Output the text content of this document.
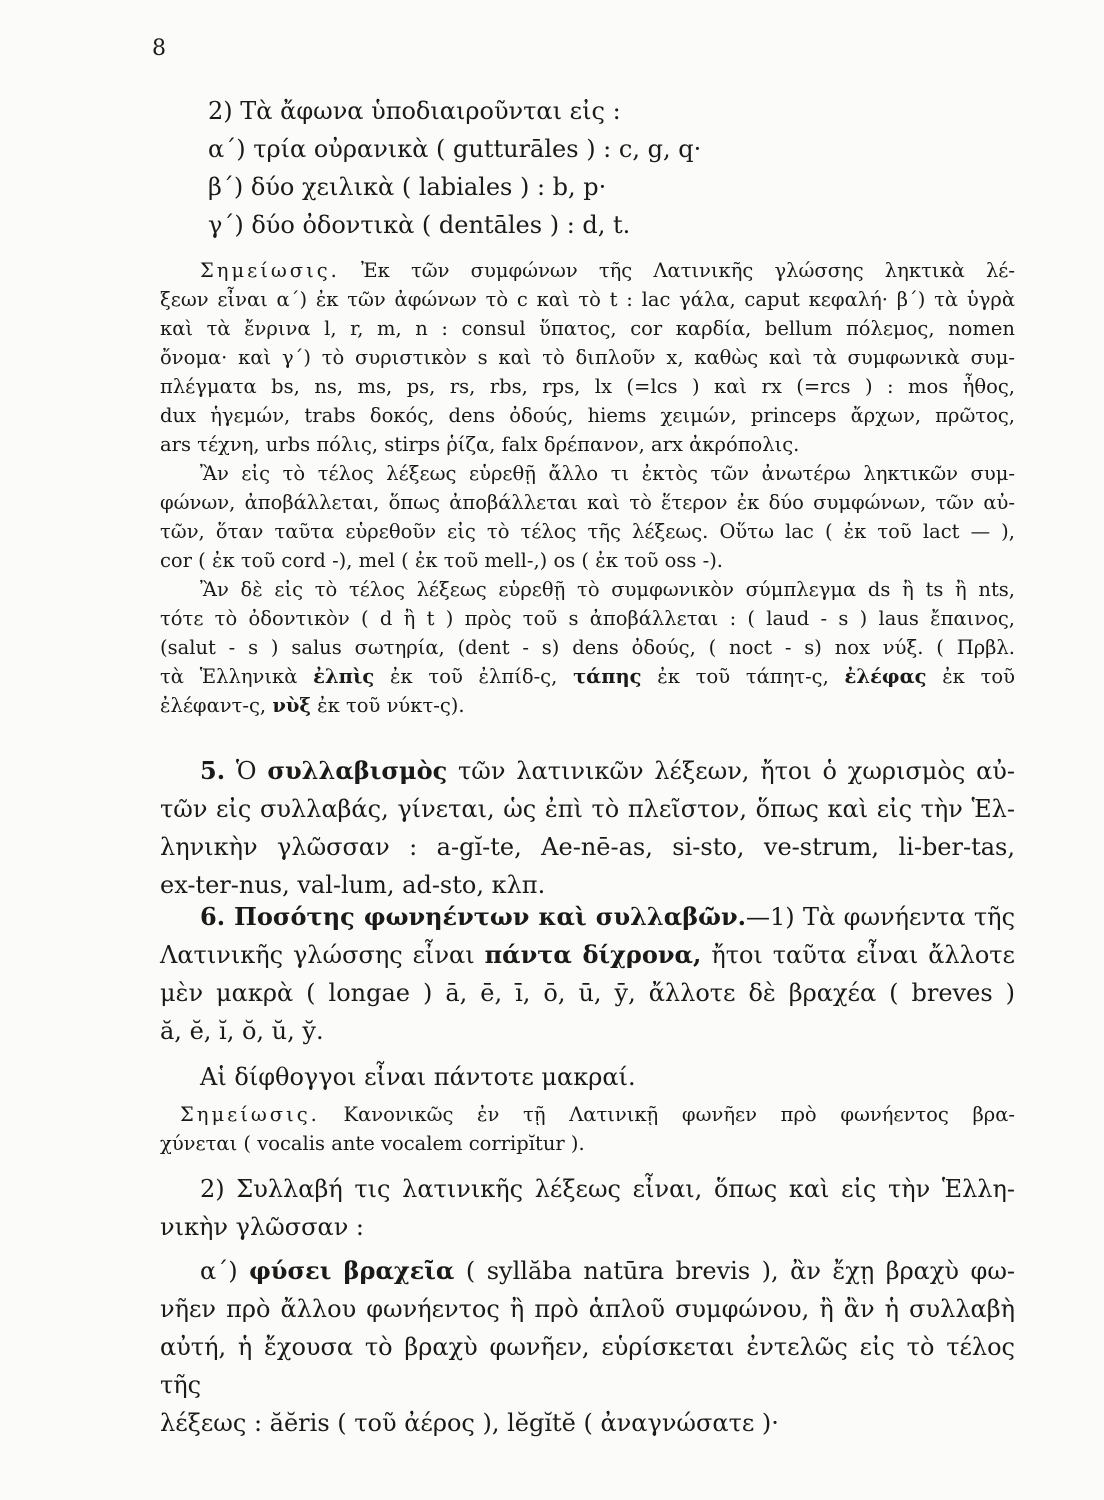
8
2) Τὰ ἄφωνα ὑποδιαιροῦνται εἰς :
α΄) τρία οὐρανικὰ ( gutturāles ) : c, g, q·
β΄) δύο χειλικὰ ( labiales ) : b, p·
γ΄) δύο ὀδοντικὰ ( dentāles ) : d, t.
Σημείωσις. Ἐκ τῶν συμφώνων τῆς Λατινικῆς γλώσσης ληκτικὰ λέ-
ξεων εἶναι α΄) ἐκ τῶν ἀφώνων τὸ c καὶ τὸ t : lac γάλα, caput κεφαλή· β΄) τὰ ὑγρὰ
καὶ τὰ ἔνρινα l, r, m, n : consul ὕπατος, cor καρδία, bellum πόλεμος, nomen
ὄνομα· καὶ γ΄) τὸ συριστικὸν s καὶ τὸ διπλοῦν x, καθὼς καὶ τὰ συμφωνικὰ συμ-
πλέγματα bs, ns, ms, ps, rs, rbs, rps, lx (=lcs ) καὶ rx (=rcs ) : mos ἦθος,
dux ἡγεμών, trabs δοκός, dens ὀδούς, hiems χειμών, princeps ἄρχων, πρῶτος,
ars τέχνη, urbs πόλις, stirps ῥίζα, falx δρέπανον, arx ἀκρόπολις.
Ἂν εἰς τὸ τέλος λέξεως εὑρεθῇ ἄλλο τι ἐκτὸς τῶν ἀνωτέρω ληκτικῶν συμ-
φώνων, ἀποβάλλεται, ὅπως ἀποβάλλεται καὶ τὸ ἕτερον ἐκ δύο συμφώνων, τῶν αὐ-
τῶν, ὅταν ταῦτα εὑρεθοῦν εἰς τὸ τέλος τῆς λέξεως. Οὕτω lac ( ἐκ τοῦ lact — ),
cor ( ἐκ τοῦ cord -), mel ( ἐκ τοῦ mell-,) os ( ἐκ τοῦ oss -).
Ἂν δὲ εἰς τὸ τέλος λέξεως εὑρεθῇ τὸ συμφωνικὸν σύμπλεγμα ds ἢ ts ἢ nts,
τότε τὸ ὀδοντικὸν ( d ἢ t ) πρὸς τοῦ s ἀποβάλλεται : ( laud - s ) laus ἔπαινος,
(salut - s ) salus σωτηρία, (dent - s) dens ὀδούς, ( noct - s) nox νύξ. ( Πρβλ.
τὰ Ἑλληνικὰ ἐλπὶς ἐκ τοῦ ἐλπίδ-ς, τάπης ἐκ τοῦ τάπητ-ς, ἐλέφας ἐκ τοῦ
ἐλέφαντ-ς, νὺξ ἐκ τοῦ νύκτ-ς).
5. Ὁ συλλαβισμὸς τῶν λατινικῶν λέξεων, ἤτοι ὁ χωρισμὸς αὐ-
τῶν εἰς συλλαβάς, γίνεται, ὡς ἐπὶ τὸ πλεῖστον, ὅπως καὶ εἰς τὴν Ἑλ-
ληνικὴν γλῶσσαν : a-gĭ-te, Ae-nē-as, si-sto, ve-strum, li-ber-tas,
ex-ter-nus, val-lum, ad-sto, κλπ.
6. Ποσότης φωνηέντων καὶ συλλαβῶν.—1) Τὰ φωνήεντα τῆς
Λατινικῆς γλώσσης εἶναι πάντα δίχρονα, ἤτοι ταῦτα εἶναι ἄλλοτε
μὲν μακρὰ ( longae ) ā, ē, ī, ō, ū, ȳ, ἄλλοτε δὲ βραχέα ( breves )
ă, ĕ, ĭ, ŏ, ŭ, y̆.
Αἱ δίφθογγοι εἶναι πάντοτε μακραί.
Σημείωσις. Κανονικῶς ἐν τῇ Λατινικῇ φωνῆεν πρὸ φωνήεντος βρα-
χύνεται ( vocalis ante vocalem corripĭtur ).
2) Συλλαβή τις λατινικῆς λέξεως εἶναι, ὅπως καὶ εἰς τὴν Ἑλλη-
νικὴν γλῶσσαν :
α΄) φύσει βραχεῖα ( syllăba natūra brevis ), ἂν ἔχῃ βραχὺ φω-
νῆεν πρὸ ἄλλου φωνήεντος ἢ πρὸ ἁπλοῦ συμφώνου, ἢ ἂν ἡ συλλαβὴ
αὐτή, ἡ ἔχουσα τὸ βραχὺ φωνῆεν, εὑρίσκεται ἐντελῶς εἰς τὸ τέλος τῆς
λέξεως : ăĕris ( τοῦ ἀέρος ), lĕgĭtĕ ( ἀναγνώσατε )·
